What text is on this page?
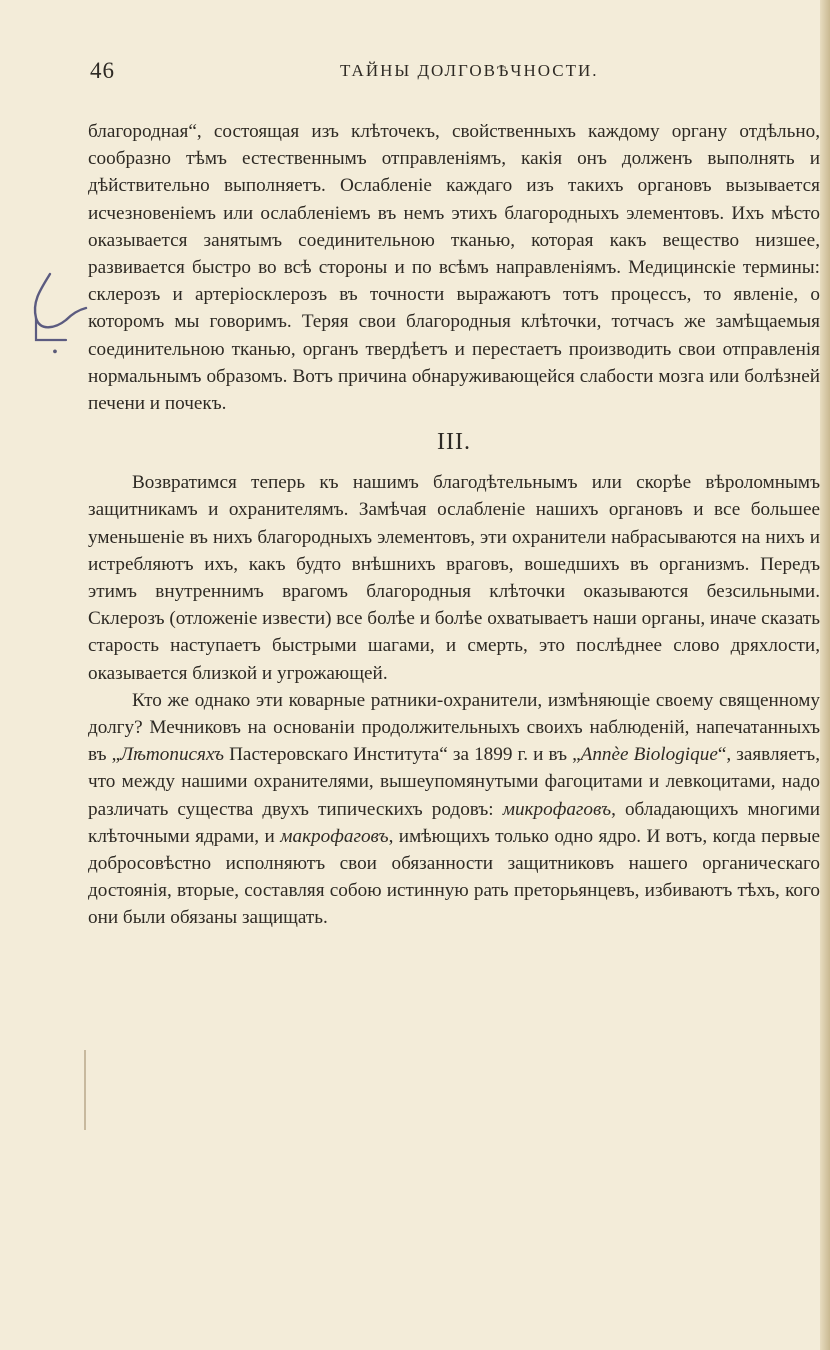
46	ТАЙНЫ ДОЛГОВѢЧНОСТИ.
•

благородная“, состоящая изъ клѣточекъ, свойственныхъ каждому органу отдѣльно, сообразно тѣмъ естественнымъ отправленіямъ, какія онъ долженъ выполнять и дѣйствительно выполняетъ. Ослабленіе каждаго изъ такихъ органовъ вызывается исчезновеніемъ или ослабленіемъ въ немъ этихъ благородныхъ элементовъ. Ихъ мѣсто оказывается занятымъ соединительною тканью, которая какъ вещество низшее, развивается быстро во всѣ стороны и по всѣмъ направленіямъ. Медицинскіе термины: склерозъ и артеріосклерозъ въ точности выражаютъ тотъ процессъ, то явленіе, о которомъ мы говоримъ. Теряя свои благородныя клѣточки, тотчасъ же замѣщаемыя соединительною тканью, органъ твердѣетъ и перестаетъ производить свои отправленія нормальнымъ образомъ. Вотъ причина обнаруживающейся слабости мозга или болѣзней печени и почекъ.

III.

Возвратимся теперь къ нашимъ благодѣтельнымъ или скорѣе вѣроломнымъ защитникамъ и охранителямъ. Замѣчая ослабленіе нашихъ органовъ и все большее уменьшеніе въ нихъ благородныхъ элементовъ, эти охранители набрасываются на нихъ и истребляютъ ихъ, какъ будто внѣшнихъ враговъ, вошедшихъ въ организмъ. Передъ этимъ внутреннимъ врагомъ благородныя клѣточки оказываются безсильными. Склерозъ (отложеніе извести) все болѣе и болѣе охватываетъ наши органы, иначе сказать старость наступаетъ быстрыми шагами, и смерть, это послѣднее слово дряхлости, оказывается близкой и угрожающей.

Кто же однако эти коварные ратники-охранители, измѣняющіе своему священному долгу? Мечниковъ на основаніи продолжительныхъ своихъ наблюденій, напечатанныхъ въ „Лѣтописяхъ Пастеровскаго Института“ за 1899 г. и въ „Annèe Biologique“, заявляетъ, что между нашими охранителями, вышеупомянутыми фагоцитами и левкоцитами, надо различать существа двухъ типическихъ родовъ: микрофаговъ, обладающихъ многими клѣточными ядрами, и макрофаговъ, имѣющихъ только одно ядро. И вотъ, когда первые добросовѣстно исполняютъ свои обязанности защитниковъ нашего органическаго достоянія, вторые, составляя собою истинную рать преторьянцевъ, избиваютъ тѣхъ, кого они были обязаны защищать.
